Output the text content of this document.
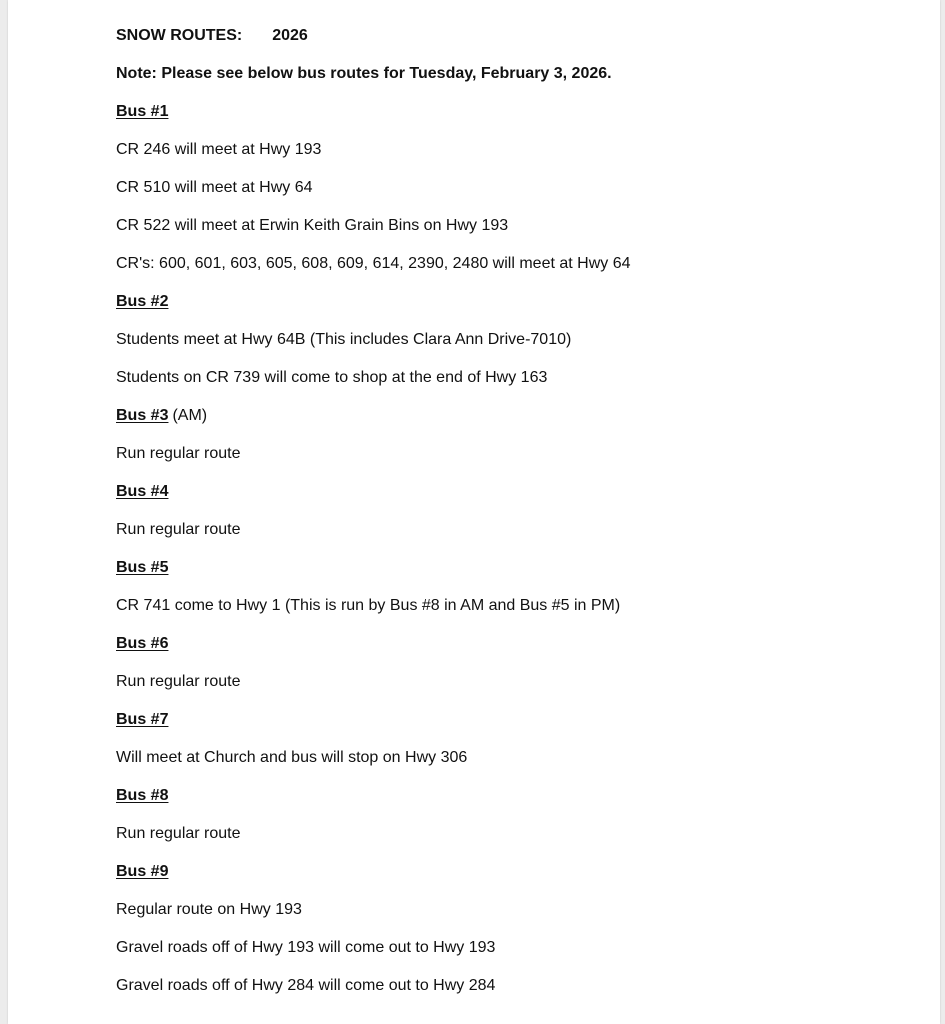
SNOW ROUTES: 2026
Note: Please see below bus routes for Tuesday, February 3, 2026.
Bus #1
CR 246 will meet at Hwy 193
CR 510 will meet at Hwy 64
CR 522 will meet at Erwin Keith Grain Bins on Hwy 193
CR's: 600, 601, 603, 605, 608, 609, 614, 2390, 2480 will meet at Hwy 64
Bus #2
Students meet at Hwy 64B (This includes Clara Ann Drive-7010)
Students on CR 739 will come to shop at the end of Hwy 163
Bus #3 (AM)
Run regular route
Bus #4
Run regular route
Bus #5
CR 741 come to Hwy 1 (This is run by Bus #8 in AM and Bus #5 in PM)
Bus #6
Run regular route
Bus #7
Will meet at Church and bus will stop on Hwy 306
Bus #8
Run regular route
Bus #9
Regular route on Hwy 193
Gravel roads off of Hwy 193 will come out to Hwy 193
Gravel roads off of Hwy 284 will come out to Hwy 284
